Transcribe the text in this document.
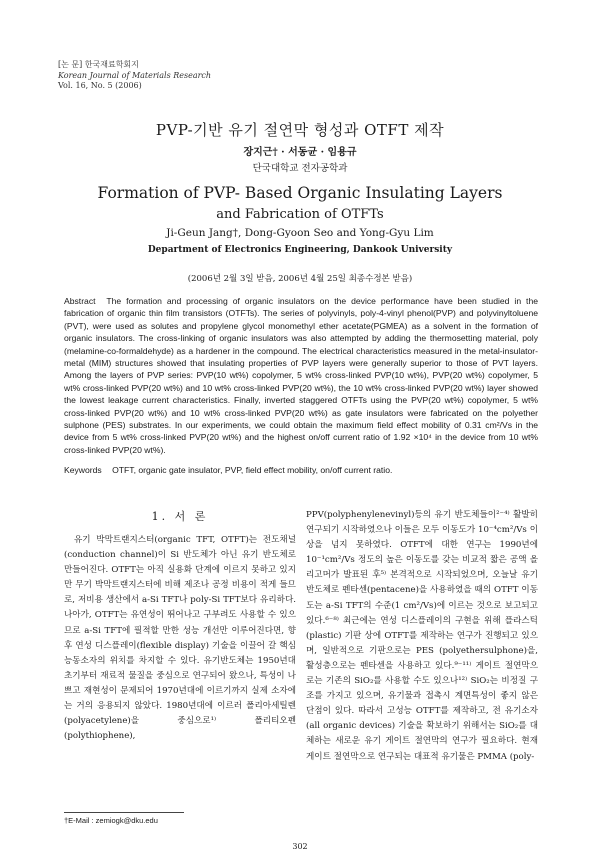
[논 문] 한국재료학회지
Korean Journal of Materials Research
Vol. 16, No. 5 (2006)
PVP-기반 유기 절연막 형성과 OTFT 제작
장지근† · 서동균 · 임용규
단국대학교 전자공학과
Formation of PVP- Based Organic Insulating Layers
and Fabrication of OTFTs
Ji-Geun Jang†, Dong-Gyoon Seo and Yong-Gyu Lim
Department of Electronics Engineering, Dankook University
(2006년 2월 3일 받음, 2006년 4월 25일 최종수정본 받음)
Abstract The formation and processing of organic insulators on the device performance have been studied in the fabrication of organic thin film transistors (OTFTs). The series of polyvinyls, poly-4-vinyl phenol(PVP) and polyvinyltoluene (PVT), were used as solutes and propylene glycol monomethyl ether acetate(PGMEA) as a solvent in the formation of organic insulators. The cross-linking of organic insulators was also attempted by adding the thermosetting material, poly (melamine-co-formaldehyde) as a hardener in the compound. The electrical characteristics measured in the metal-insulator-metal (MIM) structures showed that insulating properties of PVP layers were generally superior to those of PVT layers. Among the layers of PVP series: PVP(10 wt%) copolymer, 5 wt% cross-linked PVP(10 wt%), PVP(20 wt%) copolymer, 5 wt% cross-linked PVP(20 wt%) and 10 wt% cross-linked PVP(20 wt%), the 10 wt% cross-linked PVP(20 wt%) layer showed the lowest leakage current characteristics. Finally, inverted staggered OTFTs using the PVP(20 wt%) copolymer, 5 wt% cross-linked PVP(20 wt%) and 10 wt% cross-linked PVP(20 wt%) as gate insulators were fabricated on the polyether sulphone (PES) substrates. In our experiments, we could obtain the maximum field effect mobility of 0.31 cm²/Vs in the device from 5 wt% cross-linked PVP(20 wt%) and the highest on/off current ratio of 1.92 ×10⁴ in the device from 10 wt% cross-linked PVP(20 wt%).
Keywords OTFT, organic gate insulator, PVP, field effect mobility, on/off current ratio.
1. 서 론

유기 박막트랜지스터(organic TFT, OTFT)는 전도채널(conduction channel)이 Si 반도체가 아닌 유기 반도체로 만들어진다. OTFT는 아직 실용화 단계에 이르지 못하고 있지만 무기 박막트랜지스터에 비해 제조나 공정 비용이 적게 들므로, 저비용 생산에서 a-Si TFT나 poly-Si TFT보다 유리하다. 나아가, OTFT는 유연성이 뛰어나고 구부려도 사용할 수 있으므로 a-Si TFT에 필적할 만한 성능 개선만 이루어진다면, 향후 연성 디스플레이(flexible display) 기술을 이끌어 갈 핵심 능동소자의 위치를 차지할 수 있다. 유기반도체는 1950년대 초기부터 재료적 물질을 중심으로 연구되어 왔으나, 특성이 나쁘고 재현성이 문제되어 1970년대에 이르기까지 실제 소자에는 거의 응용되지 않았다. 1980년대에 이르러 폴리아세틸렌(polyacetylene)을 중심으로¹⁾ 폴리티오펜(polythiophene),

PPV(polyphenylenevinyl)등의 유기 반도체들이²⁻⁴⁾ 활발히 연구되기 시작하였으나 이들은 모두 이동도가 10⁻⁴cm²/Vs 이상을 넘지 못하였다. OTFT에 대한 연구는 1990년에 10⁻¹cm²/Vs 정도의 높은 이동도를 갖는 비교적 짧은 공액 올리고머가 발표된 후⁵⁾ 본격적으로 시작되었으며, 오늘날 유기 반도체로 펜타센(pentacene)을 사용하였을 때의 OTFT 이동도는 a-Si TFT의 수준(1 cm²/Vs)에 이르는 것으로 보고되고 있다.⁶⁻⁸⁾ 최근에는 연성 디스플레이의 구현을 위해 플라스틱(plastic) 기판 상에 OTFT를 제작하는 연구가 진행되고 있으며, 일반적으로 기판으로는 PES (polyethersulphone)을, 활성층으로는 펜타센을 사용하고 있다.⁹⁻¹¹⁾ 게이트 절연막으로는 기존의 SiO₂를 사용할 수도 있으나¹²⁾ SiO₂는 비정질 구조를 가지고 있으며, 유기물과 접촉시 계면특성이 좋지 않은 단점이 있다. 따라서 고성능 OTFT를 제작하고, 전 유기소자(all organic devices) 기술을 확보하기 위해서는 SiO₂를 대체하는 새로운 유기 게이트 절연막의 연구가 필요하다. 현재 게이트 절연막으로 연구되는 대표적 유기물은 PMMA (poly-

†E-Mail : zemiogk@dku.edu
302
